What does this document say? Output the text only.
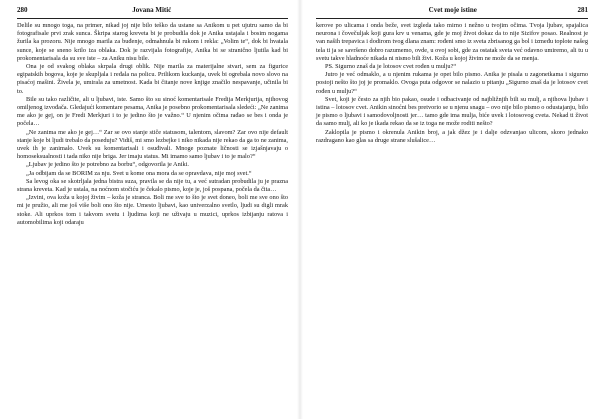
280	Jovana Mitić

Delile su mnogo toga, na primer, nikad joj nije bilo teško da ustane sa Anikom u pet ujutru samo da bi fotografisale prvi zrak sunca. Škripa starog kreveta bi je probudila dok je Anika ustajala i bosim nogama žurila ka prozoru. Nije mnogo marila za buđenje, odmahnula bi rukom i rekla: „Volim te“, dok bi hvatala sunce, koje se sneno krilo iza oblaka. Dok je razvijala fotografije, Anika bi se stranično ljutila kad bi prokomentarisala da su sve iste – za Aniku nisu bile.

Ona je od svakog oblaka skrpala drugi oblik. Nije marila za materijalne stvari, sem za figurice egipatskih bogova, koje je skupljala i ređala na policu. Prilikom kuckanja, uvek bi ogrebala novo slovo na pisaćoj mašini. Živela je, umirala za umetnost. Kada bi čitanje nove knjige značilo nespavanje, učinila bi to.

Bile su tako različite, ali u ljubavi, iste. Samo što su sinoć komentarisale Fredija Merkjurija, njihovog omiljenog izvođača. Gledajući komentare pesama, Anika je posebno prokomentarisala sledeći: „Ne zanima me ako je gej, on je Fredi Merkjuri i to je jedino što je važno.“ U njenim očima rađao se bes i onda je počela…

„Ne zanima me ako je gej…“ Zar se ovo stanje stiče statusom, talentom, slavom? Zar ovo nije default stanje koje bi ljudi trebalo da poseduju? Vidiš, mi smo lezbejke i niko nikada nije rekao da ga to ne zanima, uvek ih je zanimalo. Uvek su komentarisali i osuđivali. Mnoge poznate ličnosti se izjašnjavaju o homoseksualnosti i tada niko nije briga. Jer imaju status. Mi imamo samo ljubav i to je malo?“

„Ljubav je jedino što je potrebno za borbu“, odgovorila je Aniki.

„Ja odbijam da se BORIM za nju. Svet u kome ona mora da se opravdava, nije moj svet.“

Sa levog oka se skotrljala jedna bistra suza, pravila se da nije tu, a već sutradan probudila ju je prazna strana kreveta. Kad je ustala, na noćnom stočiću je čekalo pismo, koje je, još pospana, počela da čita…

„Izvini, ova koža u kojoj živim – koža je stranca. Boli me sve to što je svet doneo, boli me sve ono što mi je pružio, ali me još više boli ono što nije. Umesto ljubavi, kao univerzalno svetlo, ljudi su digli mrak stoke. Ali uprkos tom i takvom svetu i ljudima koji ne uživaju u muzici, uprkos izbijanju ratova i automobilima koji odaraju

Cvet moje istine	281

kerove po ulicama i onda beže, svet izgleda tako mirno i nežno u tvojim očima. Tvoja ljubav, spajalica neurona i čovečuljak koji gura krv u venama, gde je moj život dokaz da to nije Sizifov posao. Realnost je van naših trepavica i dodirom tvog dlana znam: rođeni smo iz sveta zbrisanog ga bol i između toplote našeg tela ti ja se savršeno dobro razumemo, ovde, u ovoj sobi, gde za ostatak sveta već odavno umiremo, ali tu u svetu takve hladnoće nikada ni nismo bili živi. Koža u kojoj živim ne može da se menja.

PS. Sigurno znaš da je lotosov cvet rođen u mulju?“

Jutro je već odmaklo, a u njenim rukama je opet bilo pismo. Anika je pisala u zagonetkama i sigurno postoji nešto što joj je promaklo. Ovoga puta odgovor se nalazio u pitanju „Sigurno znaš da je lotosov cvet rođen u mulju?“

Svet, koji je često za njih bio pakao, osude i odbacivanje od najbližnjih bili su mulj, a njihova ljubav i istina – lotosov cvet. Anikin sinoćni bes pretvorio se u njenu snagu – ovo nije bilo pismo o odustajanju, bilo je pismo o ljubavi i samodovoljnosti jer… tamo gde ima mulja, biće uvek i lotosovog cveta. Nekad ti život da samo mulj, ali ko je ikada rekao da se iz toga ne može roditi nešto?

Zaklopila je pismo i okrenula Anikin broj, a jak džez je i dalje odzvanjao ulicom, skoro jednako razdragano kao glas sa druge strane slušalice…
